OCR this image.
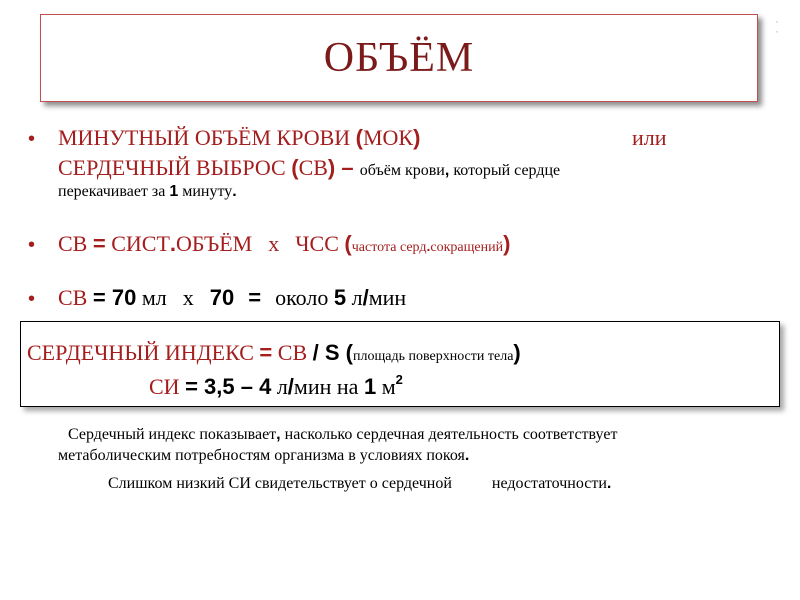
ОБЪЁМ
·
·
• МИНУТНЫЙ ОБЪЁМ КРОВИ (МОК)	или
СЕРДЕЧНЫЙ ВЫБРОС (СВ) – объём крови, который сердце
перекачивает за 1 минуту.
• СВ = СИСТ.ОБЪЁМ х ЧСС (частота серд.сокращений)
• СВ = 70 мл х 70 = около 5 л/мин
СЕРДЕЧНЫЙ ИНДЕКС = СВ / S (площадь поверхности тела)
СИ = 3,5 – 4 л/мин на 1 $м^2$
Сердечный индекс показывает, насколько сердечная деятельность соответствует
метаболическим потребностям организма в условиях покоя.
Слишком низкий СИ свидетельствует о сердечной	недостаточности.
